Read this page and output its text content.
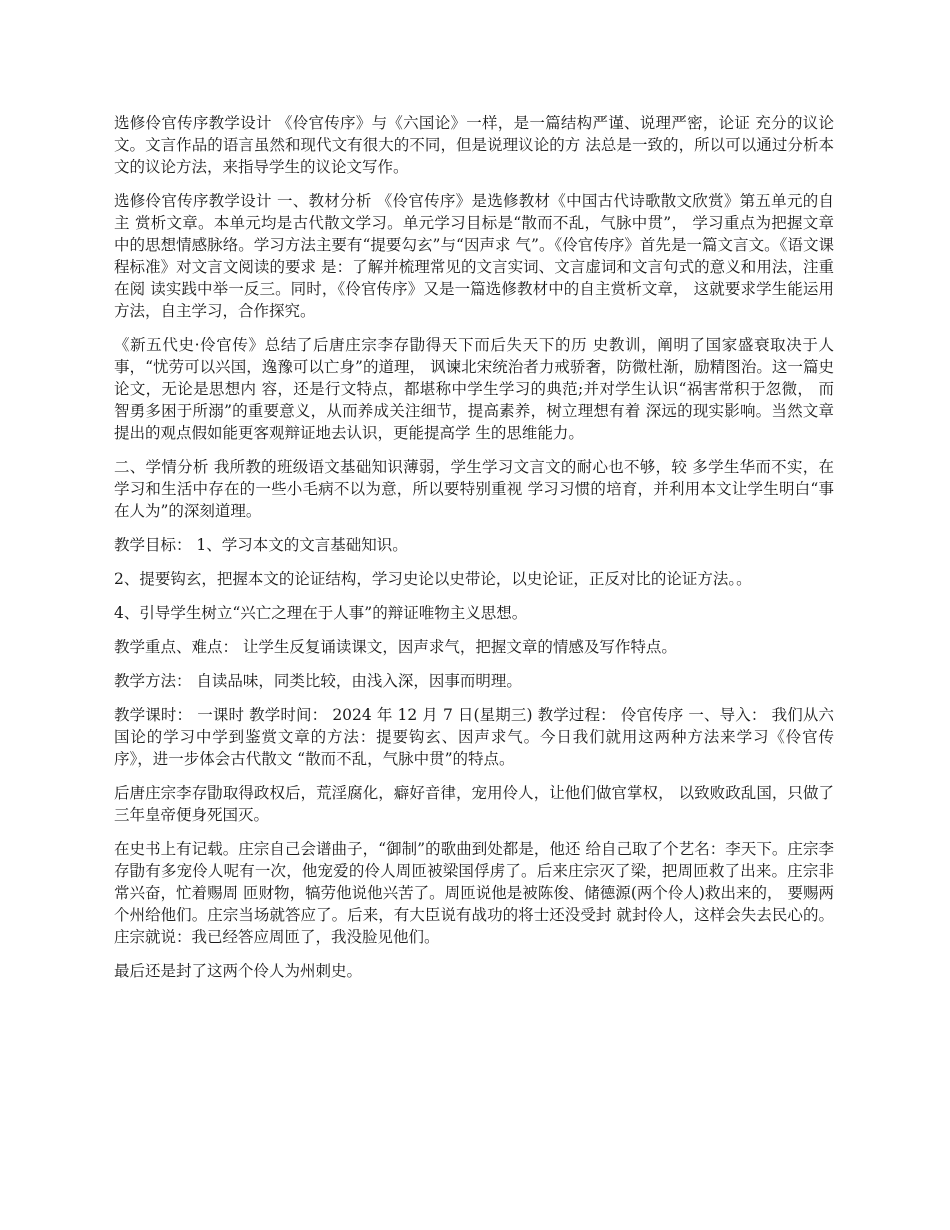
选修伶官传序教学设计 《伶官传序》与《六国论》一样，是一篇结构严谨、说理严密，论证 充分的议论文。文言作品的语言虽然和现代文有很大的不同，但是说理议论的方 法总是一致的，所以可以通过分析本文的议论方法，来指导学生的议论文写作。

选修伶官传序教学设计 一、教材分析 《伶官传序》是选修教材《中国古代诗歌散文欣赏》第五单元的自主 赏析文章。本单元均是古代散文学习。单元学习目标是“散而不乱，气脉中贯”， 学习重点为把握文章中的思想情感脉络。学习方法主要有“提要勾玄”与“因声求 气”。《伶官传序》首先是一篇文言文。《语文课程标准》对文言文阅读的要求 是：了解并梳理常见的文言实词、文言虚词和文言句式的意义和用法，注重在阅 读实践中举一反三。同时，《伶官传序》又是一篇选修教材中的自主赏析文章， 这就要求学生能运用方法，自主学习，合作探究。

《新五代史·伶官传》总结了后唐庄宗李存勖得天下而后失天下的历 史教训，阐明了国家盛衰取决于人事，“忧劳可以兴国，逸豫可以亡身”的道理， 讽谏北宋统治者力戒骄奢，防微杜渐，励精图治。这一篇史论文，无论是思想内 容，还是行文特点，都堪称中学生学习的典范;并对学生认识“祸害常积于忽微， 而智勇多困于所溺”的重要意义，从而养成关注细节，提高素养，树立理想有着 深远的现实影响。当然文章提出的观点假如能更客观辩证地去认识，更能提高学 生的思维能力。

二、学情分析 我所教的班级语文基础知识薄弱，学生学习文言文的耐心也不够，较 多学生华而不实，在学习和生活中存在的一些小毛病不以为意，所以要特别重视 学习习惯的培育，并利用本文让学生明白“事在人为”的深刻道理。

教学目标： 1、学习本文的文言基础知识。

2、提要钩玄，把握本文的论证结构，学习史论以史带论，以史论证，正反对比的论证方法。。

4、引导学生树立“兴亡之理在于人事”的辩证唯物主义思想。

教学重点、难点： 让学生反复诵读课文，因声求气，把握文章的情感及写作特点。

教学方法： 自读品味，同类比较，由浅入深，因事而明理。

教学课时： 一课时 教学时间： 2024 年 12 月 7 日(星期三) 教学过程： 伶官传序 一、导入： 我们从六国论的学习中学到鉴赏文章的方法：提要钩玄、因声求气。今日我们就用这两种方法来学习《伶官传序》，进一步体会古代散文 “散而不乱，气脉中贯”的特点。

后唐庄宗李存勖取得政权后，荒淫腐化，癖好音律，宠用伶人，让他们做官掌权， 以致败政乱国，只做了三年皇帝便身死国灭。

在史书上有记载。庄宗自己会谱曲子，“御制”的歌曲到处都是，他还 给自己取了个艺名：李天下。庄宗李存勖有多宠伶人呢有一次，他宠爱的伶人周匝被梁国俘虏了。后来庄宗灭了梁，把周匝救了出来。庄宗非常兴奋，忙着赐周 匝财物，犒劳他说他兴苦了。周匝说他是被陈俊、储德源(两个伶人)救出来的， 要赐两个州给他们。庄宗当场就答应了。后来，有大臣说有战功的将士还没受封 就封伶人，这样会失去民心的。庄宗就说：我已经答应周匝了，我没脸见他们。

最后还是封了这两个伶人为州刺史。
